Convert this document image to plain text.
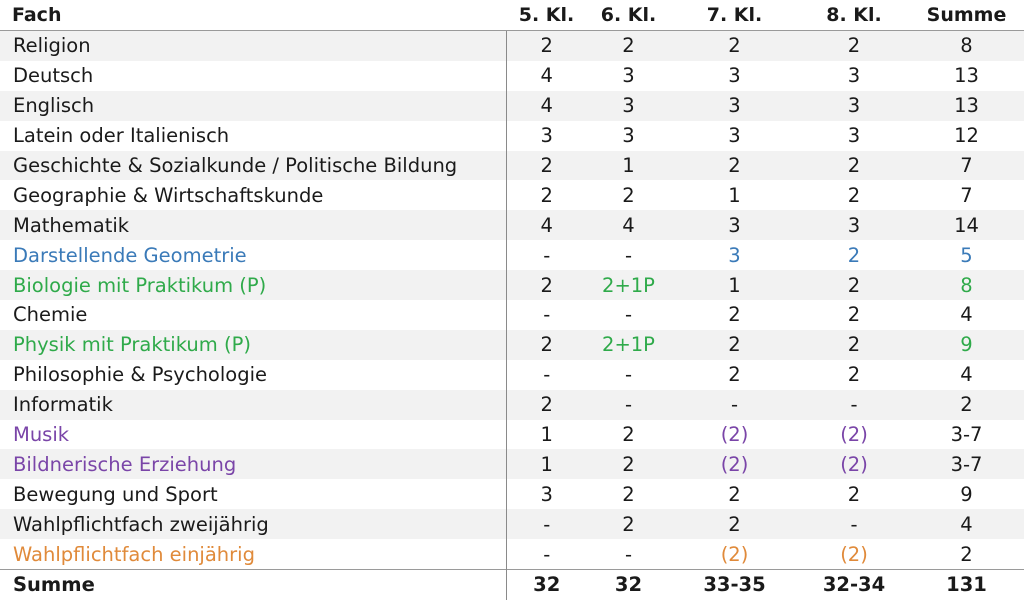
Fach	5. Kl.	6. Kl.	7. Kl.	8. Kl.	Summe
Religion	2	2	2	2	8
Deutsch	4	3	3	3	13
Englisch	4	3	3	3	13
Latein oder Italienisch	3	3	3	3	12
Geschichte & Sozialkunde / Politische Bildung	2	1	2	2	7
Geographie & Wirtschaftskunde	2	2	1	2	7
Mathematik	4	4	3	3	14
Darstellende Geometrie	-	-	3	2	5
Biologie mit Praktikum (P)	2	2+1P	1	2	8
Chemie	-	-	2	2	4
Physik mit Praktikum (P)	2	2+1P	2	2	9
Philosophie & Psychologie	-	-	2	2	4
Informatik	2	-	-	-	2
Musik	1	2	(2)	(2)	3-7
Bildnerische Erziehung	1	2	(2)	(2)	3-7
Bewegung und Sport	3	2	2	2	9
Wahlpflichtfach zweijährig	-	2	2	-	4
Wahlpflichtfach einjährig	-	-	(2)	(2)	2
Summe	32	32	33-35	32-34	131
